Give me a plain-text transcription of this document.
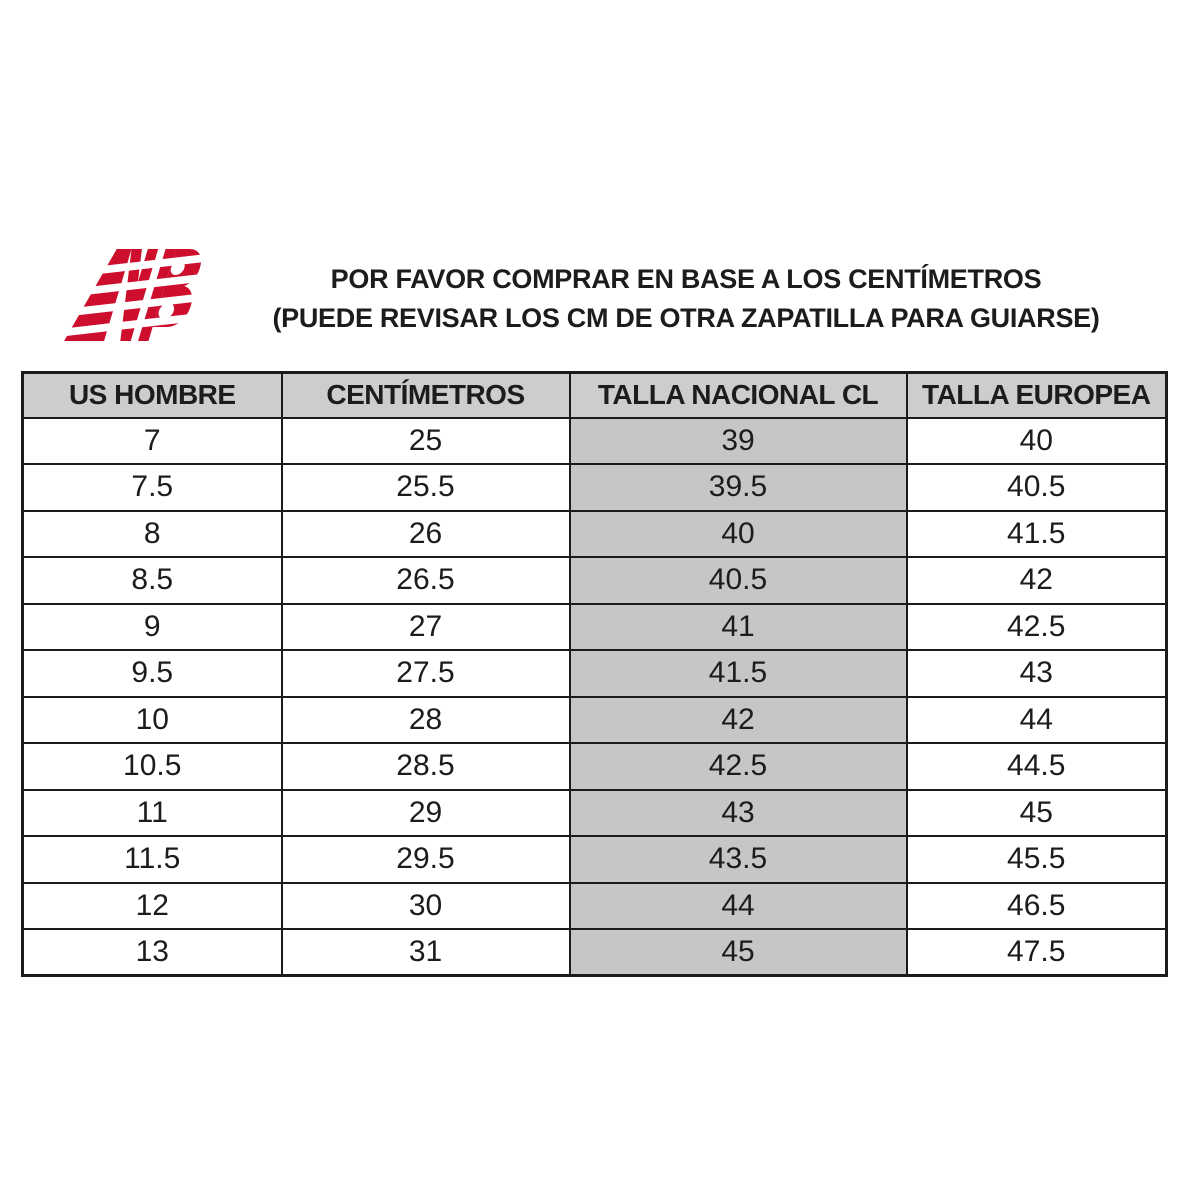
POR FAVOR COMPRAR EN BASE A LOS CENTÍMETROS
(PUEDE REVISAR LOS CM DE OTRA ZAPATILLA PARA GUIARSE)
US HOMBRE	CENTÍMETROS	TALLA NACIONAL CL	TALLA EUROPEA
7	25	39	40
7.5	25.5	39.5	40.5
8	26	40	41.5
8.5	26.5	40.5	42
9	27	41	42.5
9.5	27.5	41.5	43
10	28	42	44
10.5	28.5	42.5	44.5
11	29	43	45
11.5	29.5	43.5	45.5
12	30	44	46.5
13	31	45	47.5
